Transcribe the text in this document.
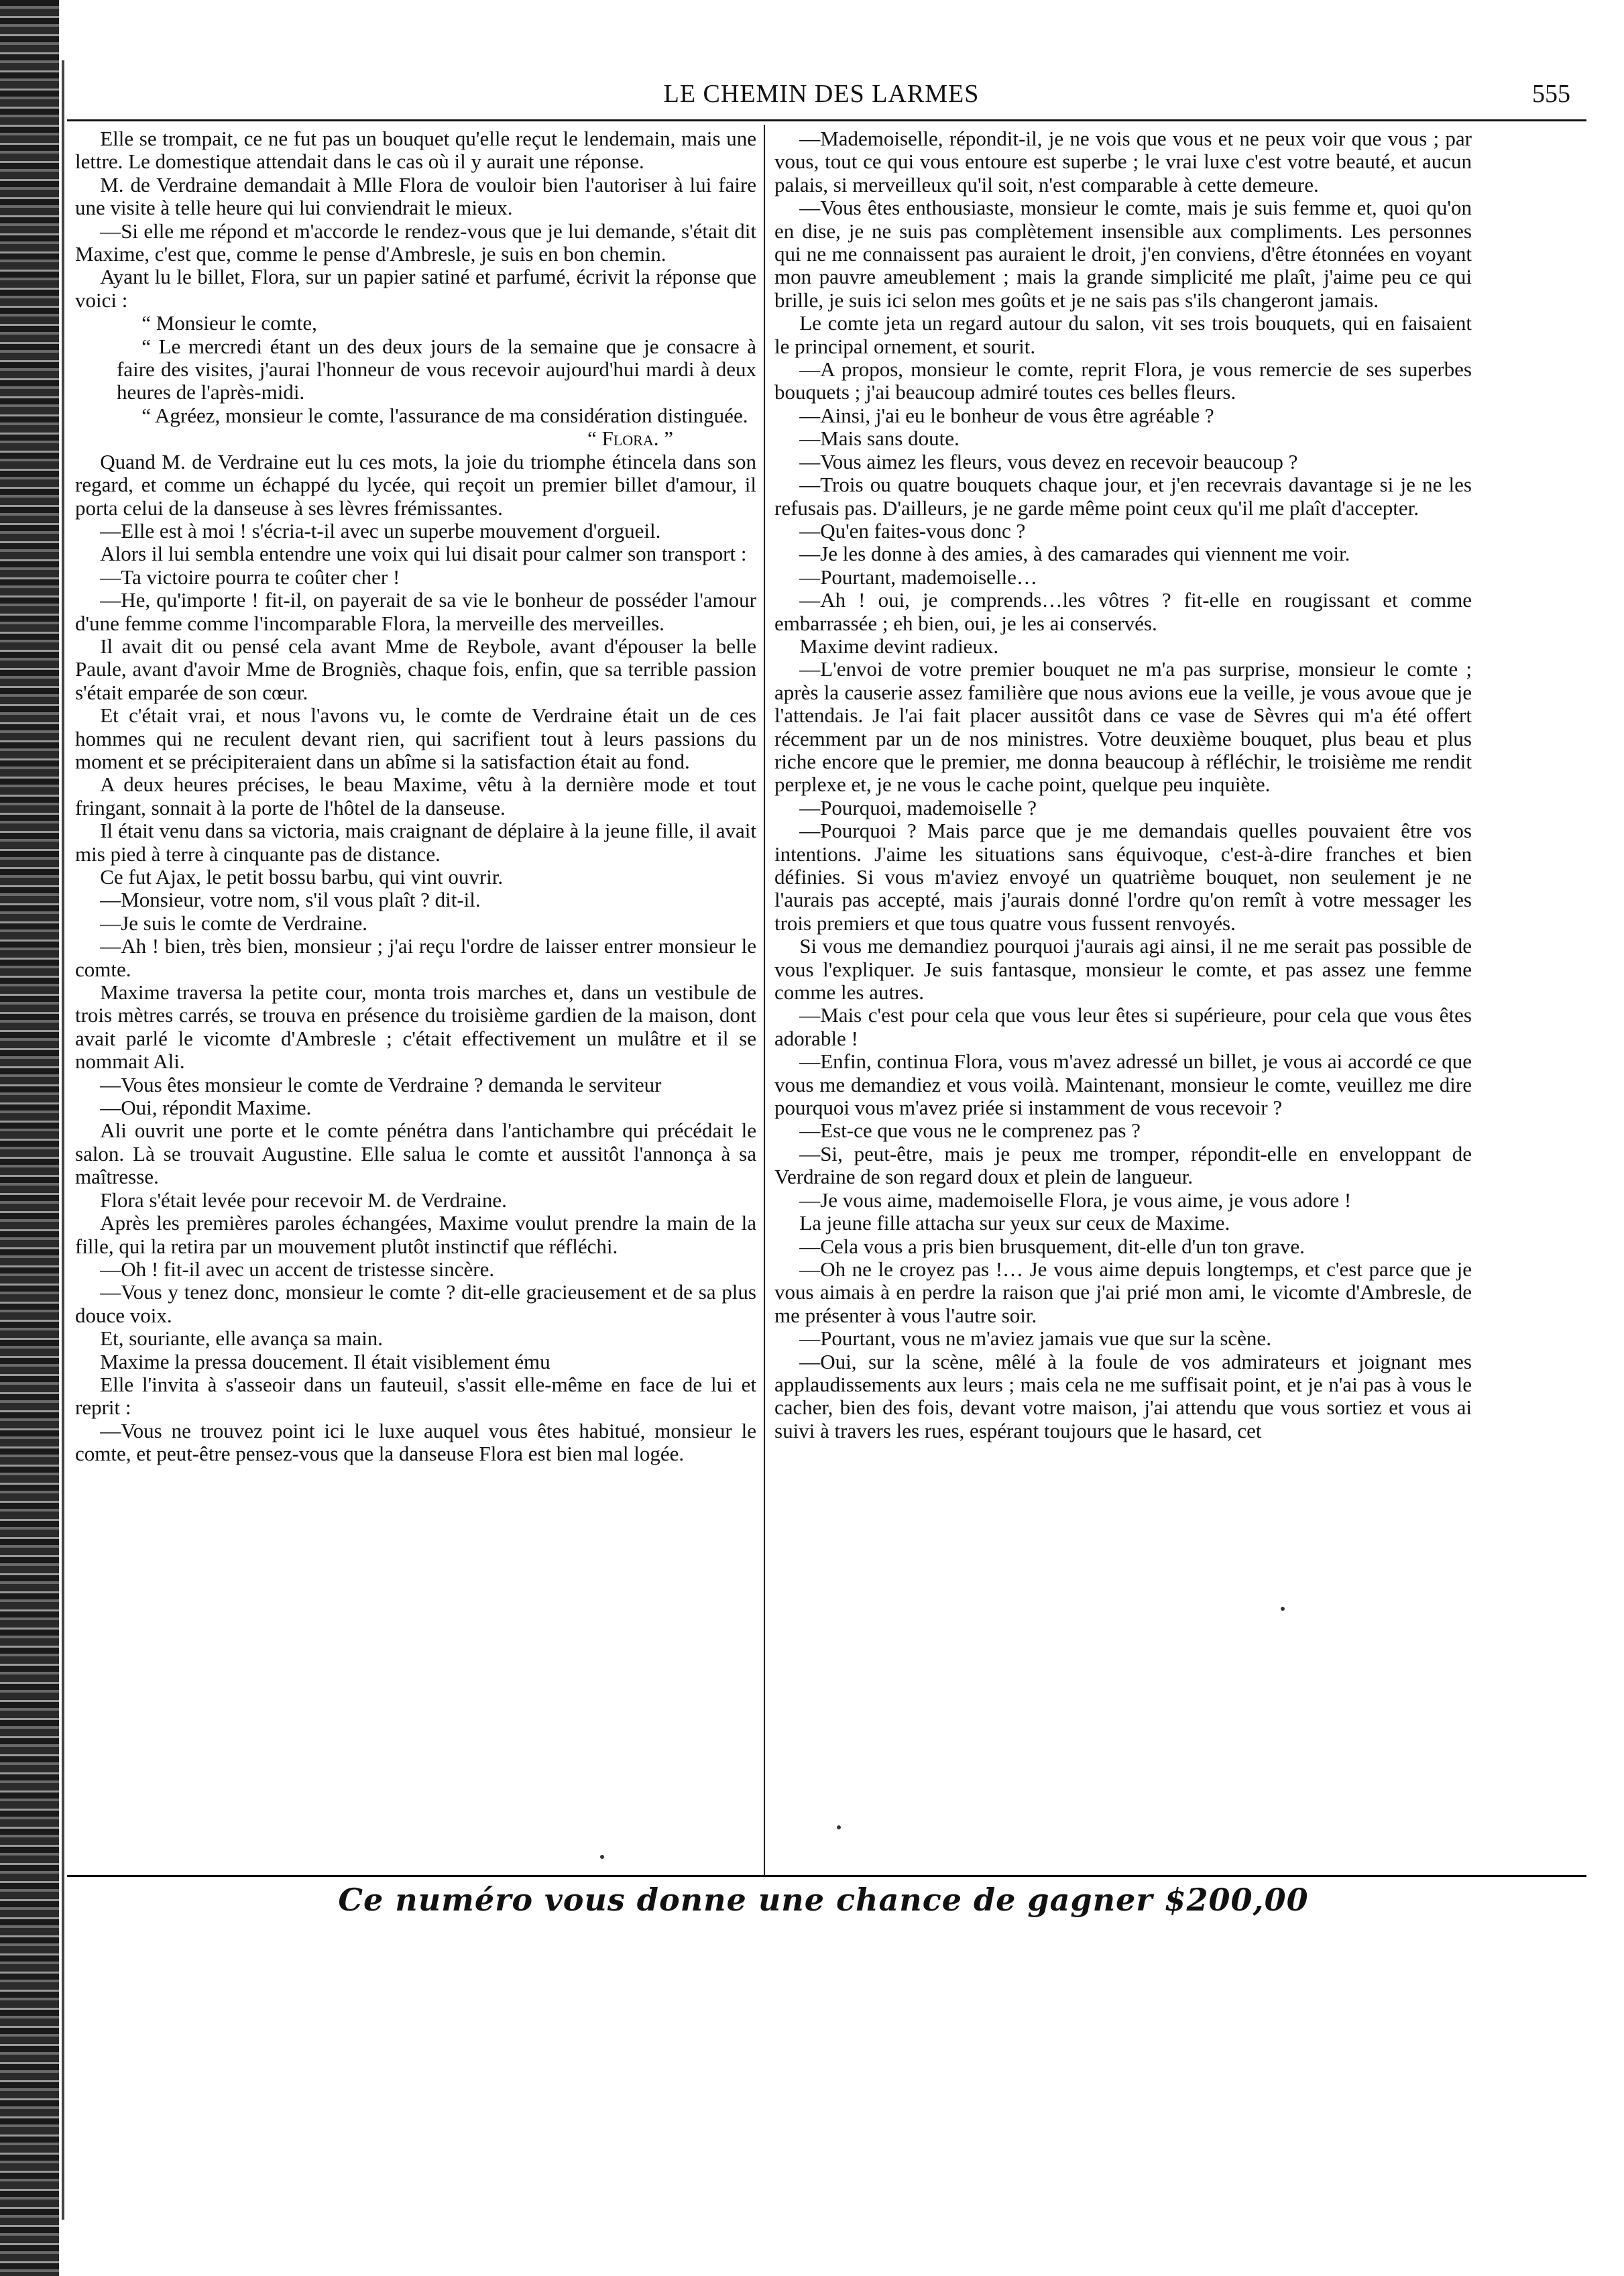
LE CHEMIN DES LARMES	555

Elle se trompait, ce ne fut pas un bouquet qu'elle reçut le lendemain, mais une lettre. Le domestique attendait dans le cas où il y aurait une réponse.

M. de Verdraine demandait à Mlle Flora de vouloir bien l'autoriser à lui faire une visite à telle heure qui lui conviendrait le mieux.

—Si elle me répond et m'accorde le rendez-vous que je lui demande, s'était dit Maxime, c'est que, comme le pense d'Ambresle, je suis en bon chemin.

Ayant lu le billet, Flora, sur un papier satiné et parfumé, écrivit la réponse que voici :

“ Monsieur le comte,

“ Le mercredi étant un des deux jours de la semaine que je consacre à faire des visites, j'aurai l'honneur de vous recevoir aujourd'hui mardi à deux heures de l'après-midi.

“ Agréez, monsieur le comte, l'assurance de ma considération distinguée.

“ Flora. ”

Quand M. de Verdraine eut lu ces mots, la joie du triomphe étincela dans son regard, et comme un échappé du lycée, qui reçoit un premier billet d'amour, il porta celui de la danseuse à ses lèvres frémissantes.

—Elle est à moi ! s'écria-t-il avec un superbe mouvement d'orgueil.

Alors il lui sembla entendre une voix qui lui disait pour calmer son transport :

—Ta victoire pourra te coûter cher !

—He, qu'importe ! fit-il, on payerait de sa vie le bonheur de posséder l'amour d'une femme comme l'incomparable Flora, la merveille des merveilles.

Il avait dit ou pensé cela avant Mme de Reybole, avant d'épouser la belle Paule, avant d'avoir Mme de Brogniès, chaque fois, enfin, que sa terrible passion s'était emparée de son cœur.

Et c'était vrai, et nous l'avons vu, le comte de Verdraine était un de ces hommes qui ne reculent devant rien, qui sacrifient tout à leurs passions du moment et se précipiteraient dans un abîme si la satisfaction était au fond.

A deux heures précises, le beau Maxime, vêtu à la dernière mode et tout fringant, sonnait à la porte de l'hôtel de la danseuse.

Il était venu dans sa victoria, mais craignant de déplaire à la jeune fille, il avait mis pied à terre à cinquante pas de distance.

Ce fut Ajax, le petit bossu barbu, qui vint ouvrir.

—Monsieur, votre nom, s'il vous plaît ? dit-il.

—Je suis le comte de Verdraine.

—Ah ! bien, très bien, monsieur ; j'ai reçu l'ordre de laisser entrer monsieur le comte.

Maxime traversa la petite cour, monta trois marches et, dans un vestibule de trois mètres carrés, se trouva en présence du troisième gardien de la maison, dont avait parlé le vicomte d'Ambresle ; c'était effectivement un mulâtre et il se nommait Ali.

—Vous êtes monsieur le comte de Verdraine ? demanda le serviteur

—Oui, répondit Maxime.

Ali ouvrit une porte et le comte pénétra dans l'antichambre qui précédait le salon. Là se trouvait Augustine. Elle salua le comte et aussitôt l'annonça à sa maîtresse.

Flora s'était levée pour recevoir M. de Verdraine.

Après les premières paroles échangées, Maxime voulut prendre la main de la fille, qui la retira par un mouvement plutôt instinctif que réfléchi.

—Oh ! fit-il avec un accent de tristesse sincère.

—Vous y tenez donc, monsieur le comte ? dit-elle gracieusement et de sa plus douce voix.

Et, souriante, elle avança sa main.

Maxime la pressa doucement. Il était visiblement ému

Elle l'invita à s'asseoir dans un fauteuil, s'assit elle-même en face de lui et reprit :

—Vous ne trouvez point ici le luxe auquel vous êtes habitué, monsieur le comte, et peut-être pensez-vous que la danseuse Flora est bien mal logée.

—Mademoiselle, répondit-il, je ne vois que vous et ne peux voir que vous ; par vous, tout ce qui vous entoure est superbe ; le vrai luxe c'est votre beauté, et aucun palais, si merveilleux qu'il soit, n'est comparable à cette demeure.

—Vous êtes enthousiaste, monsieur le comte, mais je suis femme et, quoi qu'on en dise, je ne suis pas complètement insensible aux compliments. Les personnes qui ne me connaissent pas auraient le droit, j'en conviens, d'être étonnées en voyant mon pauvre ameublement ; mais la grande simplicité me plaît, j'aime peu ce qui brille, je suis ici selon mes goûts et je ne sais pas s'ils changeront jamais.

Le comte jeta un regard autour du salon, vit ses trois bouquets, qui en faisaient le principal ornement, et sourit.

—A propos, monsieur le comte, reprit Flora, je vous remercie de ses superbes bouquets ; j'ai beaucoup admiré toutes ces belles fleurs.

—Ainsi, j'ai eu le bonheur de vous être agréable ?

—Mais sans doute.

—Vous aimez les fleurs, vous devez en recevoir beaucoup ?

—Trois ou quatre bouquets chaque jour, et j'en recevrais davantage si je ne les refusais pas. D'ailleurs, je ne garde même point ceux qu'il me plaît d'accepter.

—Qu'en faites-vous donc ?

—Je les donne à des amies, à des camarades qui viennent me voir.

—Pourtant, mademoiselle…

—Ah ! oui, je comprends…les vôtres ? fit-elle en rougissant et comme embarrassée ; eh bien, oui, je les ai conservés.

Maxime devint radieux.

—L'envoi de votre premier bouquet ne m'a pas surprise, monsieur le comte ; après la causerie assez familière que nous avions eue la veille, je vous avoue que je l'attendais. Je l'ai fait placer aussitôt dans ce vase de Sèvres qui m'a été offert récemment par un de nos ministres. Votre deuxième bouquet, plus beau et plus riche encore que le premier, me donna beaucoup à réfléchir, le troisième me rendit perplexe et, je ne vous le cache point, quelque peu inquiète.

—Pourquoi, mademoiselle ?

—Pourquoi ? Mais parce que je me demandais quelles pouvaient être vos intentions. J'aime les situations sans équivoque, c'est-à-dire franches et bien définies. Si vous m'aviez envoyé un quatrième bouquet, non seulement je ne l'aurais pas accepté, mais j'aurais donné l'ordre qu'on remît à votre messager les trois premiers et que tous quatre vous fussent renvoyés.

Si vous me demandiez pourquoi j'aurais agi ainsi, il ne me serait pas possible de vous l'expliquer. Je suis fantasque, monsieur le comte, et pas assez une femme comme les autres.

—Mais c'est pour cela que vous leur êtes si supérieure, pour cela que vous êtes adorable !

—Enfin, continua Flora, vous m'avez adressé un billet, je vous ai accordé ce que vous me demandiez et vous voilà. Maintenant, monsieur le comte, veuillez me dire pourquoi vous m'avez priée si instamment de vous recevoir ?

—Est-ce que vous ne le comprenez pas ?

—Si, peut-être, mais je peux me tromper, répondit-elle en enveloppant de Verdraine de son regard doux et plein de langueur.

—Je vous aime, mademoiselle Flora, je vous aime, je vous adore !

La jeune fille attacha sur yeux sur ceux de Maxime.

—Cela vous a pris bien brusquement, dit-elle d'un ton grave.

—Oh ne le croyez pas !… Je vous aime depuis longtemps, et c'est parce que je vous aimais à en perdre la raison que j'ai prié mon ami, le vicomte d'Ambresle, de me présenter à vous l'autre soir.

—Pourtant, vous ne m'aviez jamais vue que sur la scène.

—Oui, sur la scène, mêlé à la foule de vos admirateurs et joignant mes applaudissements aux leurs ; mais cela ne me suffisait point, et je n'ai pas à vous le cacher, bien des fois, devant votre maison, j'ai attendu que vous sortiez et vous ai suivi à travers les rues, espérant toujours que le hasard, cet

Ce numéro vous donne une chance de gagner $200,00
